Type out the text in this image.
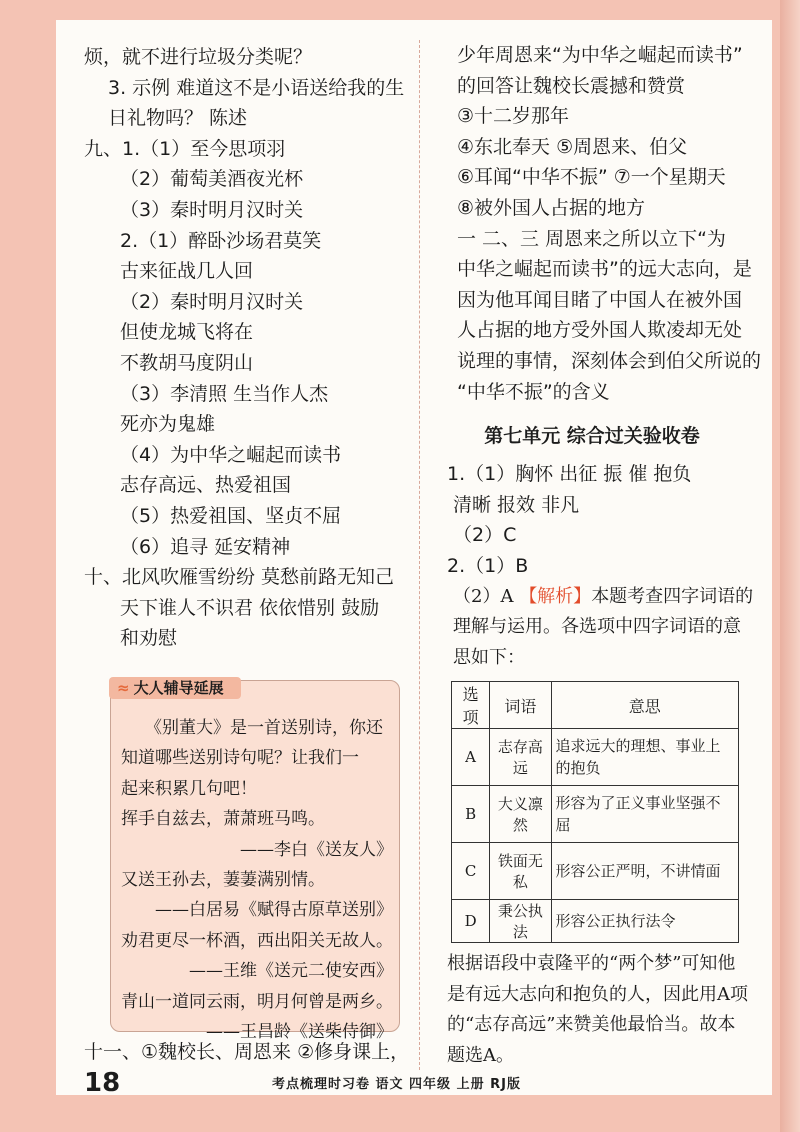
烦，就不进行垃圾分类呢？
3. 示例 难道这不是小语送给我的生
日礼物吗？ 陈述
九、1.（1）至今思项羽
（2）葡萄美酒夜光杯
（3）秦时明月汉时关
2.（1）醉卧沙场君莫笑
古来征战几人回
（2）秦时明月汉时关
但使龙城飞将在
不教胡马度阴山
（3）李清照 生当作人杰
死亦为鬼雄
（4）为中华之崛起而读书
志存高远、热爱祖国
（5）热爱祖国、坚贞不屈
（6）追寻 延安精神
十、北风吹雁雪纷纷 莫愁前路无知己
天下谁人不识君 依依惜别 鼓励
和劝慰
≈ 大人辅导延展
《别董大》是一首送别诗，你还
知道哪些送别诗句呢？让我们一
起来积累几句吧！
挥手自兹去，萧萧班马鸣。
——李白《送友人》
又送王孙去，萋萋满别情。
——白居易《赋得古原草送别》
劝君更尽一杯酒，西出阳关无故人。
——王维《送元二使安西》
青山一道同云雨，明月何曾是两乡。
——王昌龄《送柴侍御》
十一、①魏校长、周恩来 ②修身课上，
少年周恩来“为中华之崛起而读书”
的回答让魏校长震撼和赞赏
③十二岁那年
④东北奉天 ⑤周恩来、伯父
⑥耳闻“中华不振” ⑦一个星期天
⑧被外国人占据的地方
一 二、三 周恩来之所以立下“为
中华之崛起而读书”的远大志向，是
因为他耳闻目睹了中国人在被外国
人占据的地方受外国人欺凌却无处
说理的事情，深刻体会到伯父所说的
“中华不振”的含义
第七单元 综合过关验收卷
1.（1）胸怀 出征 振 催 抱负
清晰 报效 非凡
（2）C
2.（1）B
（2）A 【解析】本题考查四字词语的
理解与运用。各选项中四字词语的意
思如下：
选项	词语	意思
A	志存高远	追求远大的理想、事业上的抱负
B	大义凛然	形容为了正义事业坚强不屈
C	铁面无私	形容公正严明，不讲情面
D	秉公执法	形容公正执行法令
根据语段中袁隆平的“两个梦”可知他
是有远大志向和抱负的人，因此用A项
的“志存高远”来赞美他最恰当。故本
题选A。
18	考点梳理时习卷 语文 四年级 上册 RJ版
